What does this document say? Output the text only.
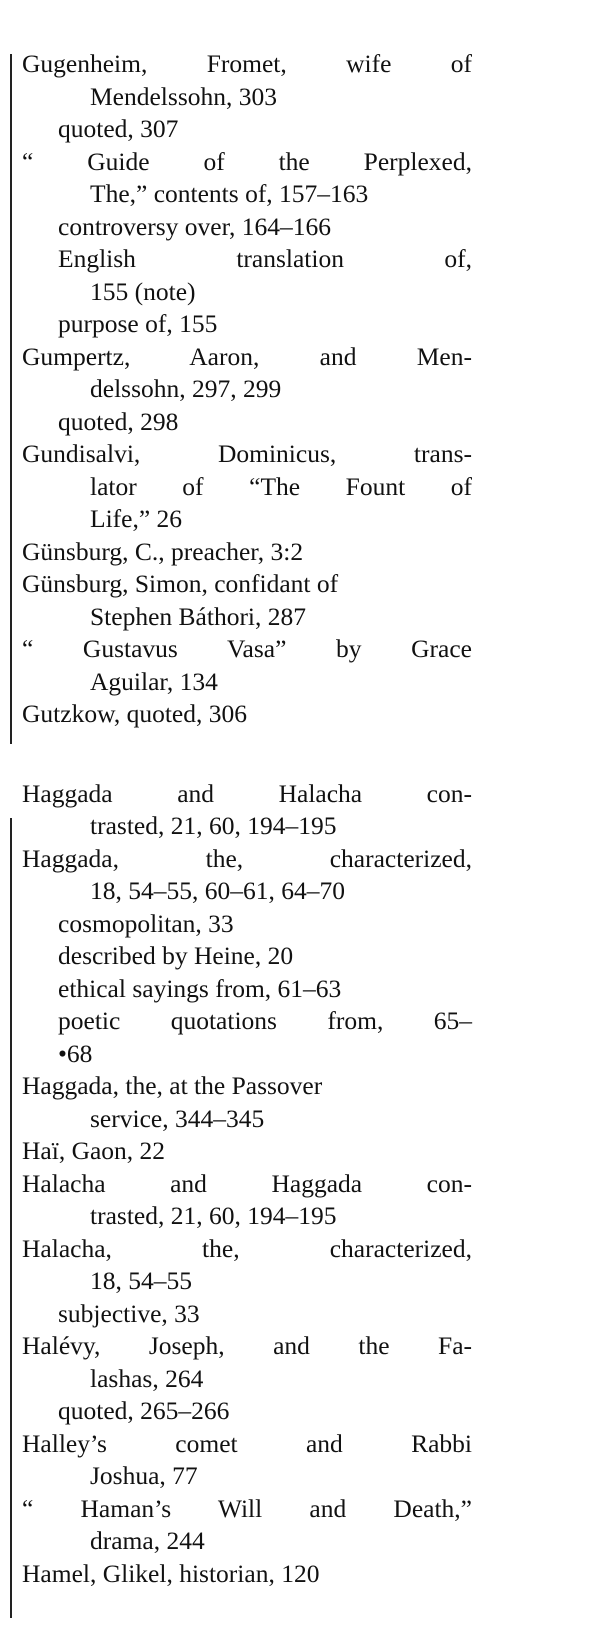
Gugenheim, Fromet, wife of
Mendelssohn, 303
quoted, 307
“ Guide of the Perplexed,
The,” contents of, 157–163
controversy over, 164–166
English translation of,
155 (note)
purpose of, 155
Gumpertz, Aaron, and Men-
delssohn, 297, 299
quoted, 298
Gundisalvi, Dominicus, trans-
lator of “The Fount of
Life,” 26
Günsburg, C., preacher, 3:2
Günsburg, Simon, confidant of
Stephen Báthori, 287
“ Gustavus Vasa” by Grace
Aguilar, 134
Gutzkow, quoted, 306
Haggada and Halacha con-
trasted, 21, 60, 194–195
Haggada, the, characterized,
18, 54–55, 60–61, 64–70
cosmopolitan, 33
described by Heine, 20
ethical sayings from, 61–63
poetic quotations from, 65–
•68
Haggada, the, at the Passover
service, 344–345
Haï, Gaon, 22
Halacha and Haggada con-
trasted, 21, 60, 194–195
Halacha, the, characterized,
18, 54–55
subjective, 33
Halévy, Joseph, and the Fa-
lashas, 264
quoted, 265–266
Halley’s comet and Rabbi
Joshua, 77
“ Haman’s Will and Death,”
drama, 244
Hamel, Glikel, historian, 120
